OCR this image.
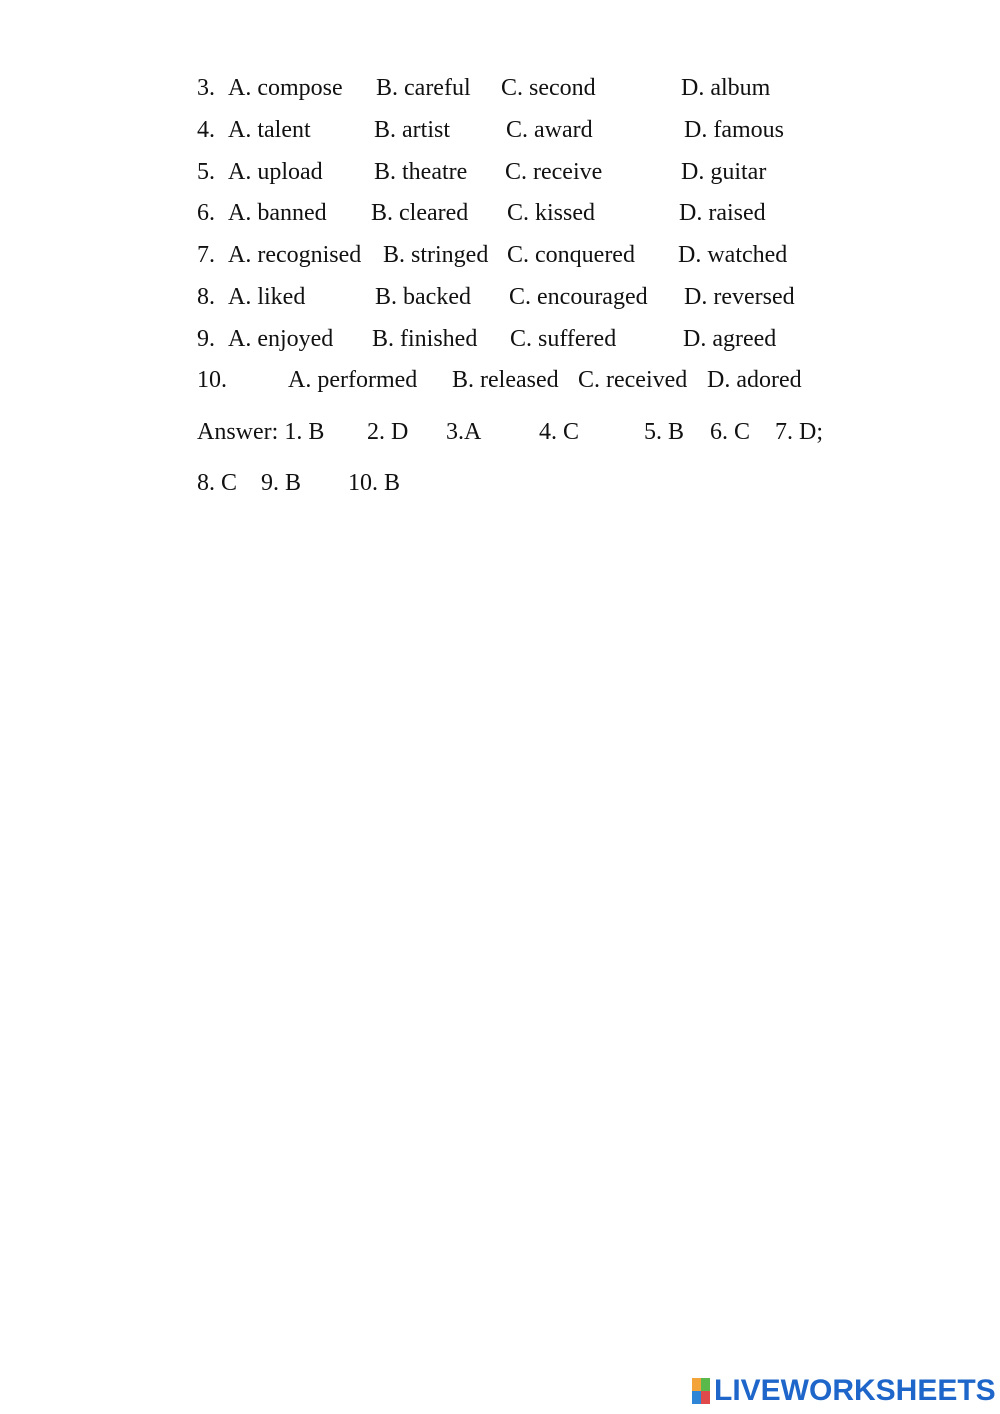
3. A. compose B. careful C. second	D. album
4. A. talent	B. artist C. award	D. famous
5. A. upload B. theatre C. receive	D. guitar
6. A. banned B. cleared C. kissed	D. raised
7. A. recognised B. stringed C. conquered D. watched
8. A. liked	B. backed C. encouraged D. reversed
9. A. enjoyed B. finished C. suffered	D. agreed
10.	A. performed B. released C. received D. adored
Answer: 1. B 2. D 3.A 4. C	5. B 6. C 7. D;
8. C 9. B 10. B
LIVEWORKSHEETS
